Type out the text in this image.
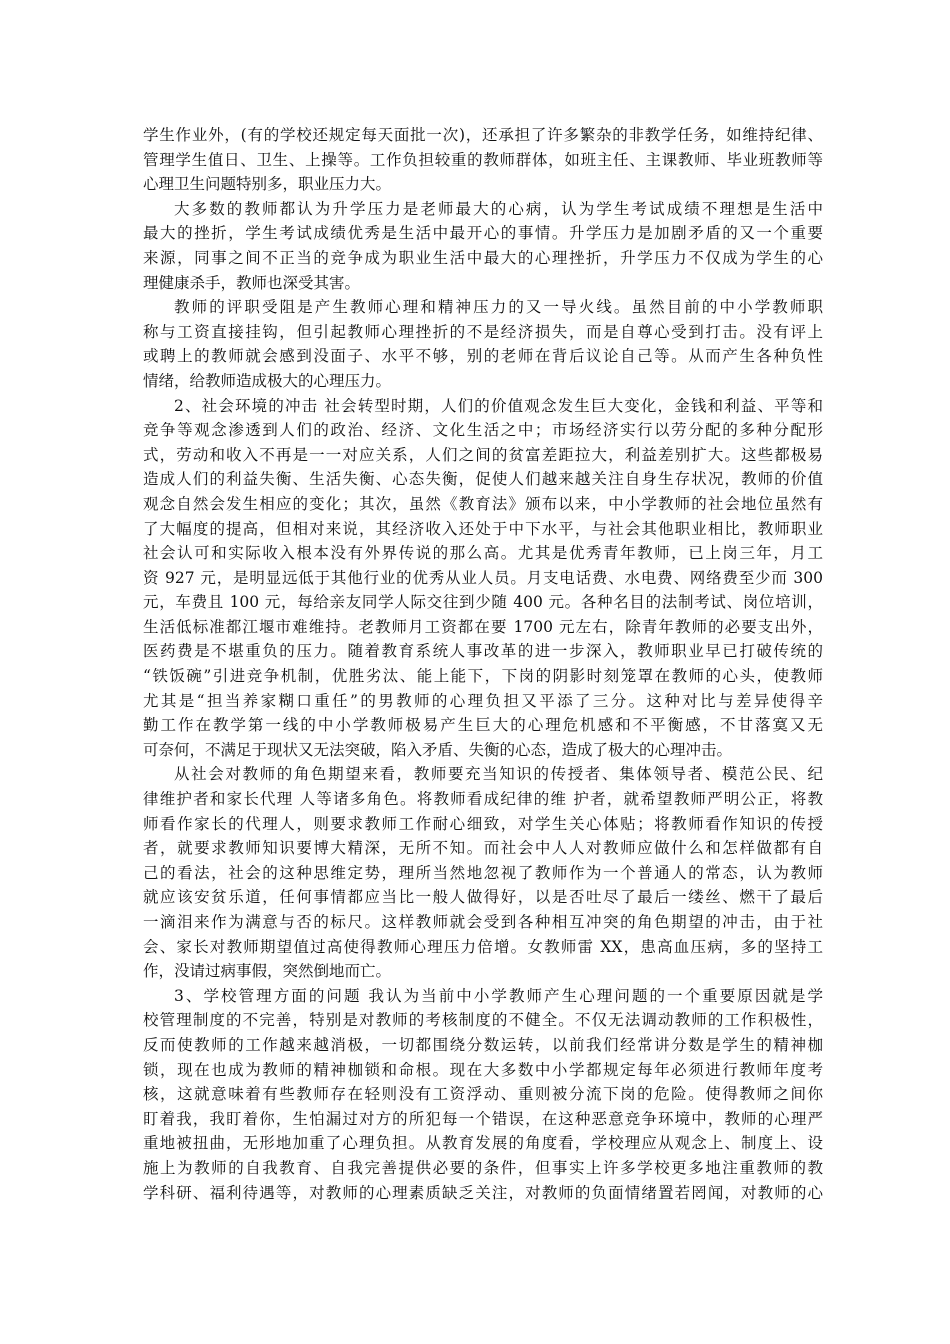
学生作业外，(有的学校还规定每天面批一次)，还承担了许多繁杂的非教学任务，如维持纪律、
管理学生值日、卫生、上操等。工作负担较重的教师群体，如班主任、主课教师、毕业班教师等
心理卫生问题特别多，职业压力大。
大多数的教师都认为升学压力是老师最大的心病，认为学生考试成绩不理想是生活中
最大的挫折，学生考试成绩优秀是生活中最开心的事情。升学压力是加剧矛盾的又一个重要
来源，同事之间不正当的竞争成为职业生活中最大的心理挫折，升学压力不仅成为学生的心
理健康杀手，教师也深受其害。
教师的评职受阻是产生教师心理和精神压力的又一导火线。虽然目前的中小学教师职
称与工资直接挂钩，但引起教师心理挫折的不是经济损失，而是自尊心受到打击。没有评上
或聘上的教师就会感到没面子、水平不够，别的老师在背后议论自己等。从而产生各种负性
情绪，给教师造成极大的心理压力。
2、社会环境的冲击 社会转型时期，人们的价值观念发生巨大变化，金钱和利益、平等和
竞争等观念渗透到人们的政治、经济、文化生活之中；市场经济实行以劳分配的多种分配形
式，劳动和收入不再是一一对应关系，人们之间的贫富差距拉大，利益差别扩大。这些都极易
造成人们的利益失衡、生活失衡、心态失衡，促使人们越来越关注自身生存状况，教师的价值
观念自然会发生相应的变化；其次，虽然《教育法》颁布以来，中小学教师的社会地位虽然有
了大幅度的提高，但相对来说，其经济收入还处于中下水平，与社会其他职业相比，教师职业
社会认可和实际收入根本没有外界传说的那么高。尤其是优秀青年教师，已上岗三年，月工
资 927 元，是明显远低于其他行业的优秀从业人员。月支电话费、水电费、网络费至少而 300
元，车费且 100 元，每给亲友同学人际交往到少随 400 元。各种名目的法制考试、岗位培训，
生活低标准都江堰市难维持。老教师月工资都在要 1700 元左右，除青年教师的必要支出外，
医药费是不堪重负的压力。随着教育系统人事改革的进一步深入，教师职业早已打破传统的
“铁饭碗”引进竞争机制，优胜劣汰、能上能下，下岗的阴影时刻笼罩在教师的心头，使教师
尤其是“担当养家糊口重任”的男教师的心理负担又平添了三分。这种对比与差异使得辛
勤工作在教学第一线的中小学教师极易产生巨大的心理危机感和不平衡感，不甘落寞又无
可奈何，不满足于现状又无法突破，陷入矛盾、失衡的心态，造成了极大的心理冲击。
从社会对教师的角色期望来看，教师要充当知识的传授者、集体领导者、模范公民、纪
律维护者和家长代理 人等诸多角色。将教师看成纪律的维 护者，就希望教师严明公正，将教
师看作家长的代理人，则要求教师工作耐心细致，对学生关心体贴；将教师看作知识的传授
者，就要求教师知识要博大精深，无所不知。而社会中人人对教师应做什么和怎样做都有自
己的看法，社会的这种思维定势，理所当然地忽视了教师作为一个普通人的常态，认为教师
就应该安贫乐道，任何事情都应当比一般人做得好，以是否吐尽了最后一缕丝、燃干了最后
一滴泪来作为满意与否的标尺。这样教师就会受到各种相互冲突的角色期望的冲击，由于社
会、家长对教师期望值过高使得教师心理压力倍增。女教师雷 XX，患高血压病，多的坚持工
作，没请过病事假，突然倒地而亡。
3、学校管理方面的问题 我认为当前中小学教师产生心理问题的一个重要原因就是学
校管理制度的不完善，特别是对教师的考核制度的不健全。不仅无法调动教师的工作积极性，
反而使教师的工作越来越消极，一切都围绕分数运转，以前我们经常讲分数是学生的精神枷
锁，现在也成为教师的精神枷锁和命根。现在大多数中小学都规定每年必须进行教师年度考
核，这就意味着有些教师存在轻则没有工资浮动、重则被分流下岗的危险。使得教师之间你
盯着我，我盯着你，生怕漏过对方的所犯每一个错误，在这种恶意竞争环境中，教师的心理严
重地被扭曲，无形地加重了心理负担。从教育发展的角度看，学校理应从观念上、制度上、设
施上为教师的自我教育、自我完善提供必要的条件，但事实上许多学校更多地注重教师的教
学科研、福利待遇等，对教师的心理素质缺乏关注，对教师的负面情绪置若罔闻，对教师的心
